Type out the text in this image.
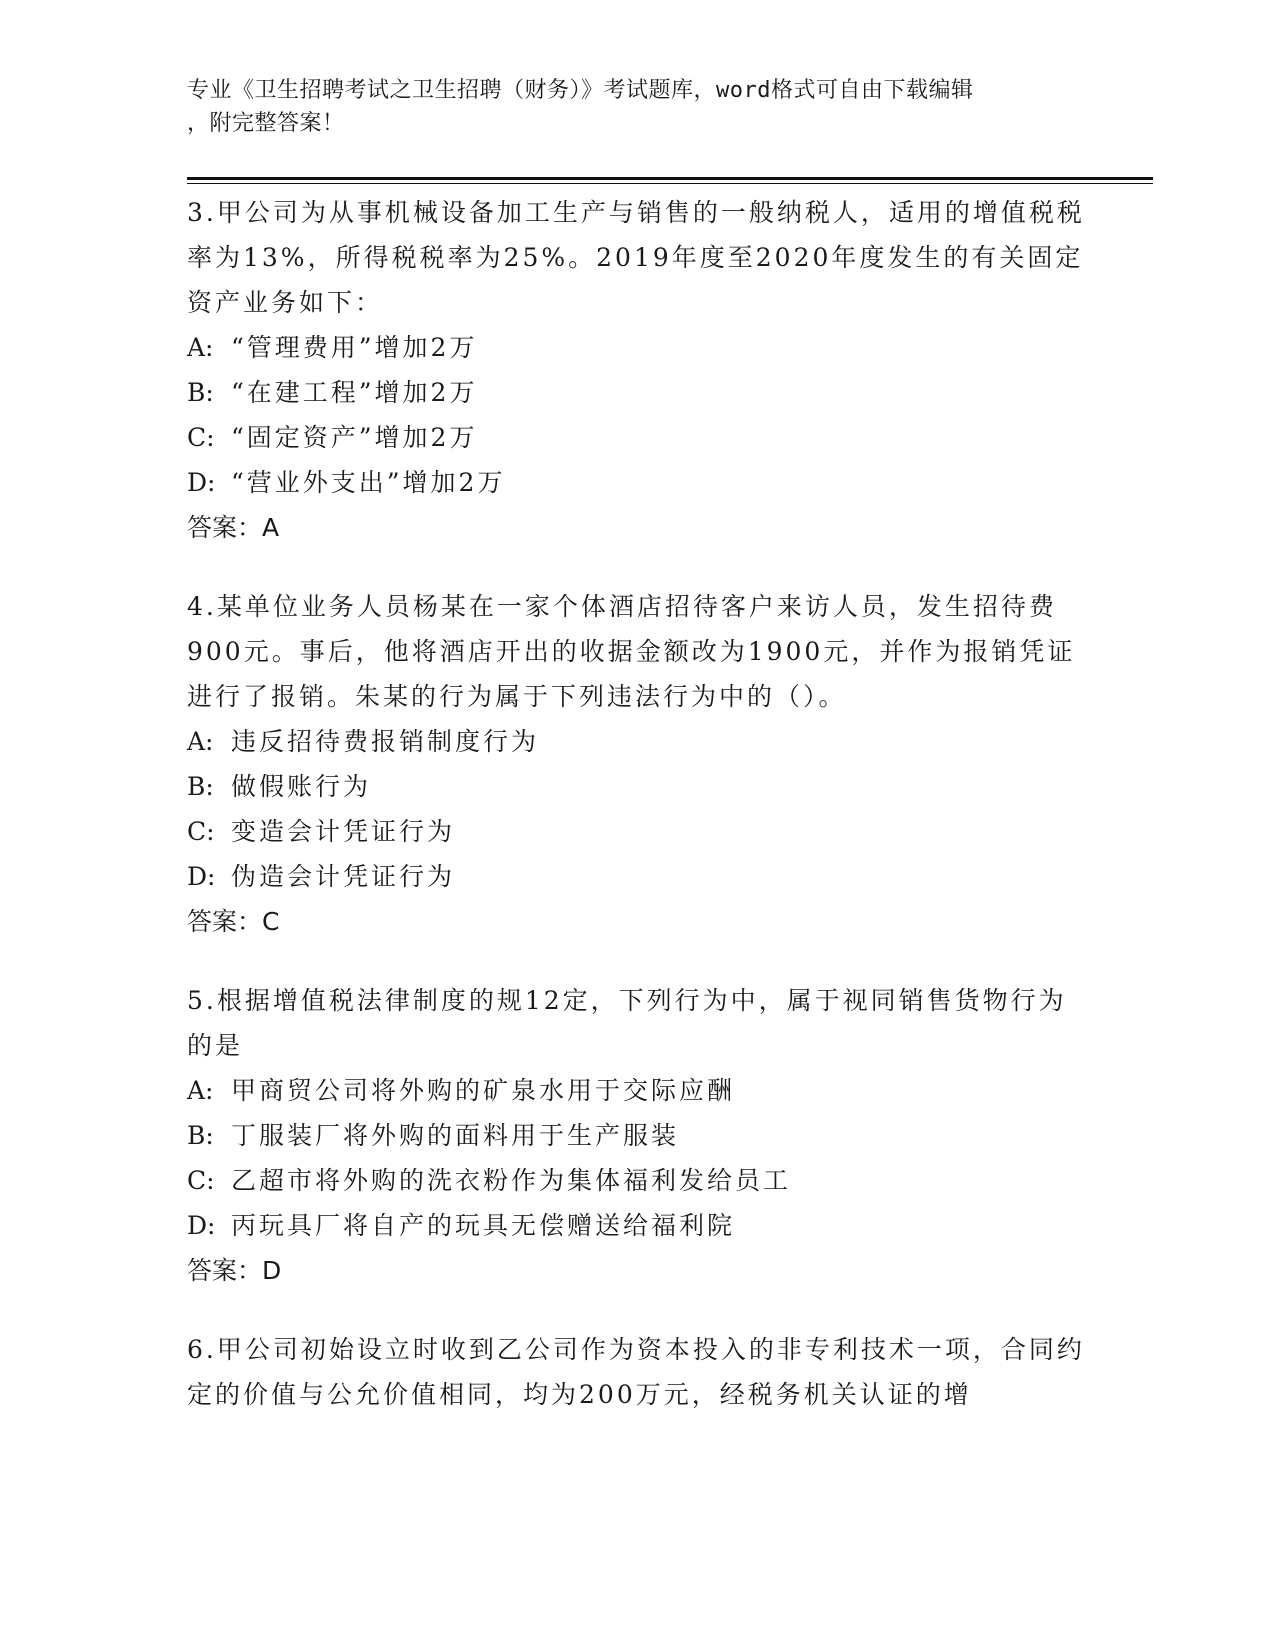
专业《卫生招聘考试之卫生招聘（财务）》考试题库，word格式可自由下载编辑
，附完整答案！

3.甲公司为从事机械设备加工生产与销售的一般纳税人，适用的增值税税率为13%，所得税税率为25%。2019年度至2020年度发生的有关固定资产业务如下：

A: “管理费用”增加2万

B: “在建工程”增加2万

C: “固定资产”增加2万

D: “营业外支出”增加2万

答案：A

4.某单位业务人员杨某在一家个体酒店招待客户来访人员，发生招待费900元。事后，他将酒店开出的收据金额改为1900元，并作为报销凭证进行了报销。朱某的行为属于下列违法行为中的（）。

A: 违反招待费报销制度行为

B: 做假账行为

C: 变造会计凭证行为

D: 伪造会计凭证行为

答案：C

5.根据增值税法律制度的规12定，下列行为中，属于视同销售货物行为的是

A: 甲商贸公司将外购的矿泉水用于交际应酬

B: 丁服装厂将外购的面料用于生产服装

C: 乙超市将外购的洗衣粉作为集体福利发给员工

D: 丙玩具厂将自产的玩具无偿赠送给福利院

答案：D

6.甲公司初始设立时收到乙公司作为资本投入的非专利技术一项，合同约定的价值与公允价值相同，均为200万元，经税务机关认证的增
